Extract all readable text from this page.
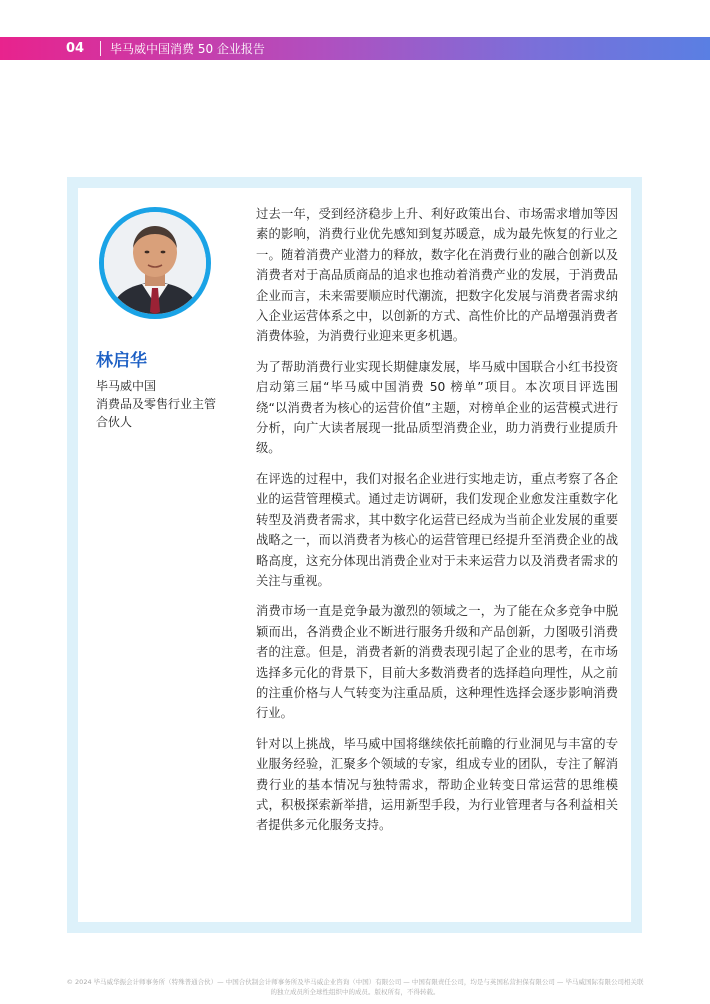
04	毕马威中国消费 50 企业报告
林启华
毕马威中国
消费品及零售行业主管
合伙人

过去一年，受到经济稳步上升、利好政策出台、市场需求增加等因素的影响，消费行业优先感知到复苏暖意，成为最先恢复的行业之一。随着消费产业潜力的释放，数字化在消费行业的融合创新以及消费者对于高品质商品的追求也推动着消费产业的发展，于消费品企业而言，未来需要顺应时代潮流，把数字化发展与消费者需求纳入企业运营体系之中，以创新的方式、高性价比的产品增强消费者消费体验，为消费行业迎来更多机遇。

为了帮助消费行业实现长期健康发展，毕马威中国联合小红书投资启动第三届“毕马威中国消费 50 榜单”项目。本次项目评选围绕“以消费者为核心的运营价值”主题，对榜单企业的运营模式进行分析，向广大读者展现一批品质型消费企业，助力消费行业提质升级。

在评选的过程中，我们对报名企业进行实地走访，重点考察了各企业的运营管理模式。通过走访调研，我们发现企业愈发注重数字化转型及消费者需求，其中数字化运营已经成为当前企业发展的重要战略之一，而以消费者为核心的运营管理已经提升至消费企业的战略高度，这充分体现出消费企业对于未来运营力以及消费者需求的关注与重视。

消费市场一直是竞争最为激烈的领域之一，为了能在众多竞争中脱颖而出，各消费企业不断进行服务升级和产品创新，力图吸引消费者的注意。但是，消费者新的消费表现引起了企业的思考，在市场选择多元化的背景下，目前大多数消费者的选择趋向理性，从之前的注重价格与人气转变为注重品质，这种理性选择会逐步影响消费行业。

针对以上挑战，毕马威中国将继续依托前瞻的行业洞见与丰富的专业服务经验，汇聚多个领域的专家，组成专业的团队，专注了解消费行业的基本情况与独特需求，帮助企业转变日常运营的思维模式，积极探索新举措，运用新型手段，为行业管理者与各利益相关者提供多元化服务支持。

© 2024 毕马威华振会计师事务所（特殊普通合伙）— 中国合伙制会计师事务所及毕马威企业咨询（中国）有限公司 — 中国有限责任公司，均是与英国私营担保有限公司 — 毕马威国际有限公司相关联
的独立成员所全球性组织中的成员。版权所有，不得转载。
